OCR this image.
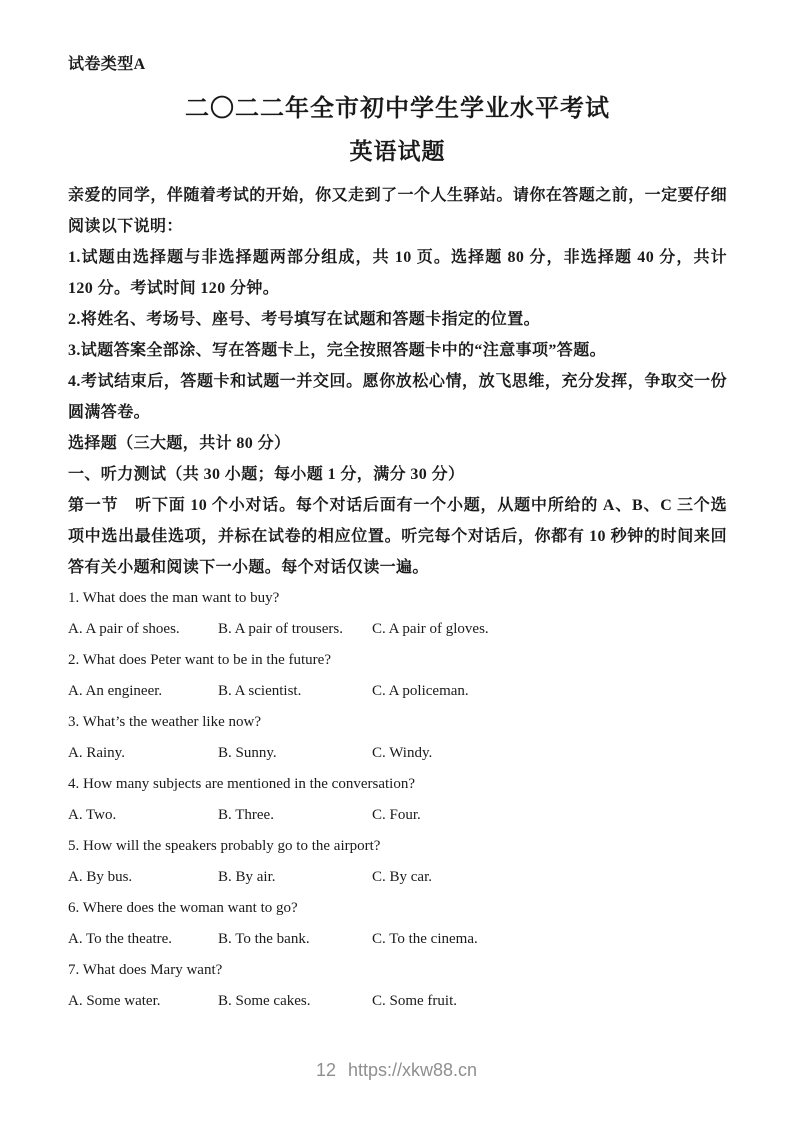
试卷类型A
二〇二二年全市初中学生学业水平考试
英语试题
亲爱的同学，伴随着考试的开始，你又走到了一个人生驿站。请你在答题之前，一定要仔细阅读以下说明：
1.试题由选择题与非选择题两部分组成，共 10 页。选择题 80 分，非选择题 40 分，共计 120 分。考试时间 120 分钟。
2.将姓名、考场号、座号、考号填写在试题和答题卡指定的位置。
3.试题答案全部涂、写在答题卡上，完全按照答题卡中的“注意事项”答题。
4.考试结束后，答题卡和试题一并交回。愿你放松心情，放飞思维，充分发挥，争取交一份圆满答卷。
选择题（三大题，共计 80 分）
一、听力测试（共 30 小题；每小题 1 分，满分 30 分）
第一节　听下面 10 个小对话。每个对话后面有一个小题，从题中所给的 A、B、C 三个选项中选出最佳选项，并标在试卷的相应位置。听完每个对话后，你都有 10 秒钟的时间来回答有关小题和阅读下一小题。每个对话仅读一遍。
1. What does the man want to buy?
A. A pair of shoes.	B. A pair of trousers.	C. A pair of gloves.
2. What does Peter want to be in the future?
A. An engineer.	B. A scientist.	C. A policeman.
3. What’s the weather like now?
A. Rainy.	B. Sunny.	C. Windy.
4. How many subjects are mentioned in the conversation?
A. Two.	B. Three.	C. Four.
5. How will the speakers probably go to the airport?
A. By bus.	B. By air.	C. By car.
6. Where does the woman want to go?
A. To the theatre.	B. To the bank.	C. To the cinema.
7. What does Mary want?
A. Some water.	B. Some cakes.	C. Some fruit.
12 https://xkw88.cn
